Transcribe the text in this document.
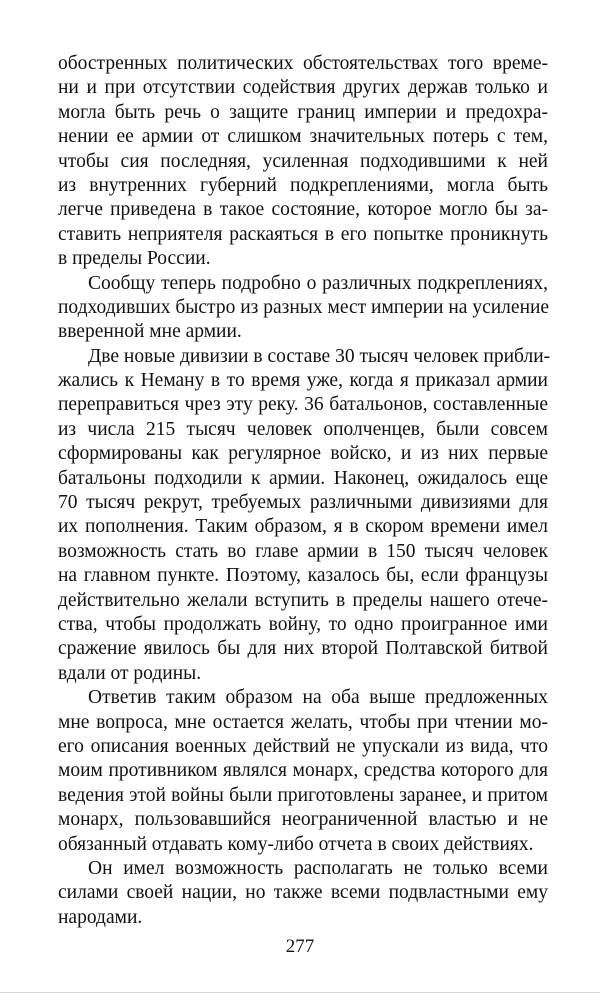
обостренных политических обстоятельствах того време-
ни и при отсутствии содействия других держав только и
могла быть речь о защите границ империи и предохра-
нении ее армии от слишком значительных потерь с тем,
чтобы сия последняя, усиленная подходившими к ней
из внутренних губерний подкреплениями, могла быть
легче приведена в такое состояние, которое могло бы за-
ставить неприятеля раскаяться в его попытке проникнуть
в пределы России.
Сообщу теперь подробно о различных подкреплениях,
подходивших быстро из разных мест империи на усиление
вверенной мне армии.
Две новые дивизии в составе 30 тысяч человек прибли-
жались к Неману в то время уже, когда я приказал армии
переправиться чрез эту реку. 36 батальонов, составленные
из числа 215 тысяч человек ополченцев, были совсем
сформированы как регулярное войско, и из них первые
батальоны подходили к армии. Наконец, ожидалось еще
70 тысяч рекрут, требуемых различными дивизиями для
их пополнения. Таким образом, я в скором времени имел
возможность стать во главе армии в 150 тысяч человек
на главном пункте. Поэтому, казалось бы, если французы
действительно желали вступить в пределы нашего отече-
ства, чтобы продолжать войну, то одно проигранное ими
сражение явилось бы для них второй Полтавской битвой
вдали от родины.
Ответив таким образом на оба выше предложенных
мне вопроса, мне остается желать, чтобы при чтении мо-
его описания военных действий не упускали из вида, что
моим противником являлся монарх, средства которого для
ведения этой войны были приготовлены заранее, и притом
монарх, пользовавшийся неограниченной властью и не
обязанный отдавать кому-либо отчета в своих действиях.
Он имел возможность располагать не только всеми
силами своей нации, но также всеми подвластными ему
народами.
277
